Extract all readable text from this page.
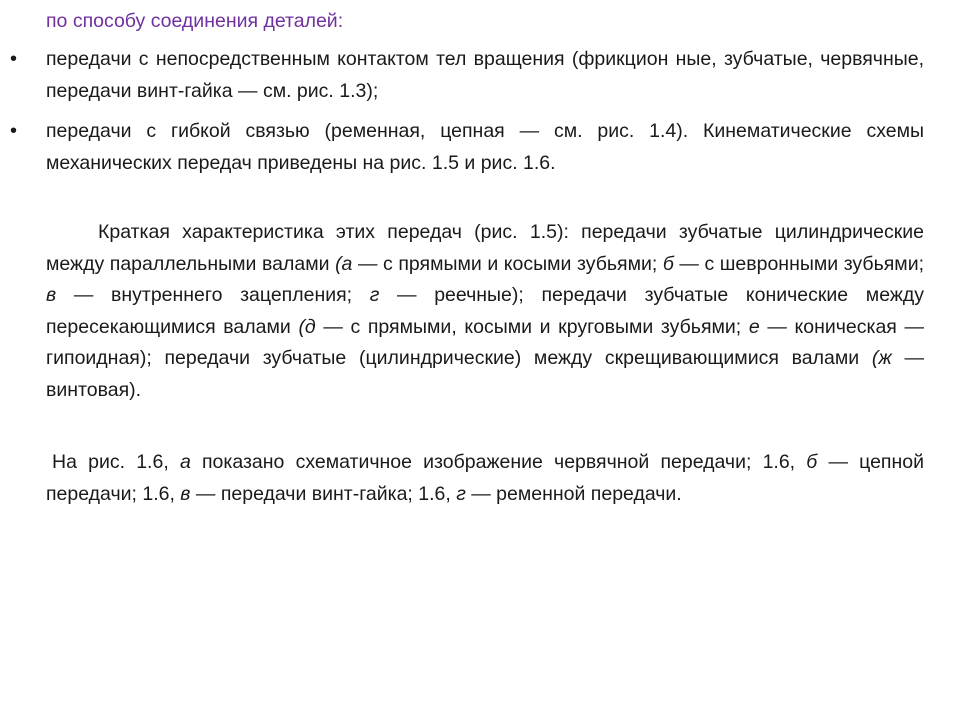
по способу соединения деталей:

•	передачи с непосредственным контактом тел вращения (фрикцион ные, зубчатые, червячные, передачи винт-гайка — см. рис. 1.3);

•	передачи с гибкой связью (ременная, цепная — см. рис. 1.4). Кинематические схемы механических передач приведены на рис. 1.5 и рис. 1.6.

Краткая характеристика этих передач (рис. 1.5): передачи зубчатые цилиндрические между параллельными валами (а — с прямыми и косыми зубьями; б — с шевронными зубьями; в — внутреннего зацепления; г — реечные); передачи зубчатые конические между пересекающимися валами (д — с прямыми, косыми и круговыми зубьями; е — коническая — гипоидная); передачи зубчатые (цилиндрические) между скрещивающимися валами (ж — винтовая).

На рис. 1.6, а показано схематичное изображение червячной передачи; 1.6, б — цепной передачи; 1.6, в — передачи винт-гайка; 1.6, г — ременной передачи.
